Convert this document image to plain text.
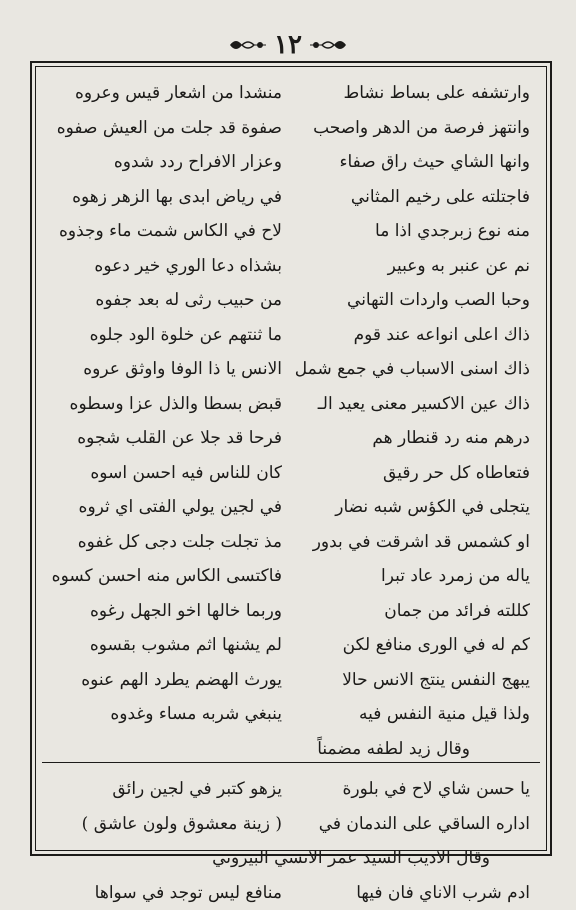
١٢
وارتشفه على بساط نشاط
منشدا من اشعار قيس وعروه
وانتهز فرصة من الدهر واصحب
صفوة قد جلت من العيش صفوه
وانها الشاي حيث راق صفاء
وعزار الافراح ردد شدوه
فاجتلته على رخيم المثاني
في رياض ابدى بها الزهر زهوه
منه نوع زبرجدي اذا ما
لاح في الكاس شمت ماء وجذوه
نم عن عنبر به وعبير
بشذاه دعا الوري خير دعوه
وحبا الصب واردات التهاني
من حبيب رثى له بعد جفوه
ذاك اعلى انواعه عند قوم
ما ثنتهم عن خلوة الود جلوه
ذاك اسنى الاسباب في جمع شمل
الانس يا ذا الوفا واوثق عروه
ذاك عين الاكسير معنى يعيد الـ
قبض بسطا والذل عزا وسطوه
درهم منه رد قنطار هم
فرحا قد جلا عن القلب شجوه
فتعاطاه كل حر رقيق
كان للناس فيه احسن اسوه
يتجلى في الكؤس شبه نضار
في لجين يولي الفتى اي ثروه
او كشمس قد اشرقت في بدور
مذ تجلت جلت دجى كل غفوه
ياله من زمرد عاد تبرا
فاكتسى الكاس منه احسن كسوه
كللته فرائد من جمان
وربما خالها اخو الجهل رغوه
كم له في الورى منافع لكن
لم يشنها اثم مشوب بقسوه
يبهج النفس ينتج الانس حالا
يورث الهضم يطرد الهم عنوه
ولذا قيل منية النفس فيه
ينبغي شربه مساء وغدوه
وقال زيد لطفه مضمناً
يا حسن شاي لاح في بلورة
يزهو كتبر في لجين رائق
اداره الساقي على الندمان في
( زينة معشوق ولون عاشق )
وقال الاديب السيد عمر الانسي البيروتي
ادم شرب الاناي فان فيها
منافع ليس توجد في سواها
